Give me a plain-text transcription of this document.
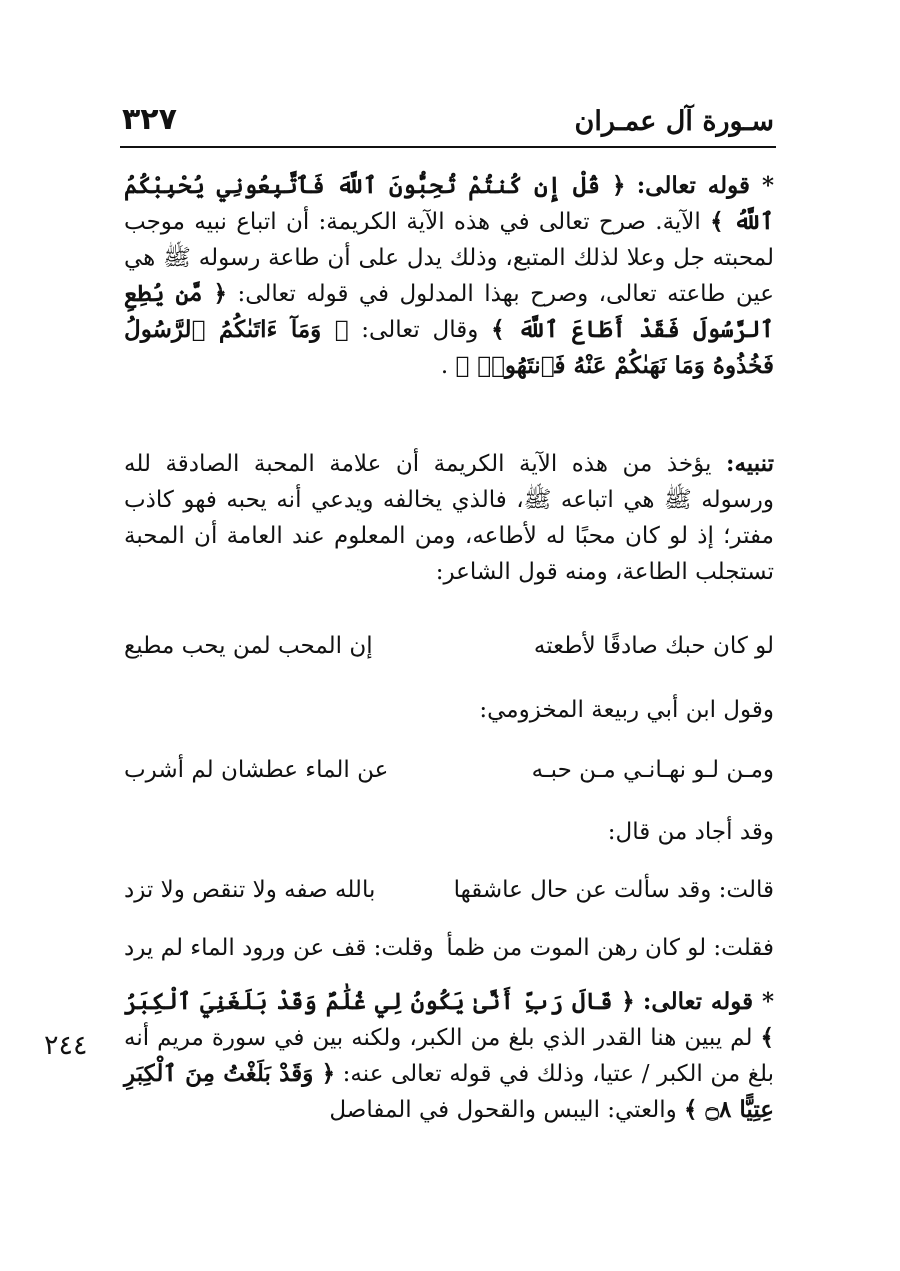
٣٢٧	سـورة آل عمـران
٢٤٤

* قوله تعالى: ﴿ قُلْ إِن كُنتُمْ تُحِبُّونَ ٱللَّهَ فَٱتَّبِعُونِي يُحْبِبْكُمُ ٱللَّهُ ﴾ الآية. صرح تعالى في هذه الآية الكريمة: أن اتباع نبيه موجب لمحبته جل وعلا لذلك المتبع، وذلك يدل على أن طاعة رسوله ﷺ هي عين طاعته تعالى، وصرح بهذا المدلول في قوله تعالى: ﴿ مَّن يُطِعِ ٱلرَّسُولَ فَقَدْ أَطَاعَ ٱللَّهَ ﴾ وقال تعالى: ﴿ وَمَآ ءَاتَىٰكُمُ ٱلرَّسُولُ فَخُذُوهُ وَمَا نَهَىٰكُمْ عَنْهُ فَٱنتَهُوا۟ ﴾ .

تنبيه: يؤخذ من هذه الآية الكريمة أن علامة المحبة الصادقة لله ورسوله ﷺ هي اتباعه ﷺ، فالذي يخالفه ويدعي أنه يحبه فهو كاذب مفتر؛ إذ لو كان محبًا له لأطاعه، ومن المعلوم عند العامة أن المحبة تستجلب الطاعة، ومنه قول الشاعر:

لو كان حبك صادقًا لأطعته
إن المحب لمن يحب مطيع
وقول ابن أبي ربيعة المخزومي:
ومـن لـو نهـانـي مـن حبـه
عن الماء عطشان لم أشرب
وقد أجاد من قال:
قالت: وقد سألت عن حال عاشقها
بالله صفه ولا تنقص ولا تزد
فقلت: لو كان رهن الموت من ظمأ
وقلت: قف عن ورود الماء لم يرد

* قوله تعالى: ﴿ قَالَ رَبِّ أَنَّىٰ يَكُونُ لِي غُلَٰمٌ وَقَدْ بَلَغَنِيَ ٱلْكِبَرُ ﴾ لم يبين هنا القدر الذي بلغ من الكبر، ولكنه بين في سورة مريم أنه بلغ من الكبر / عتيا، وذلك في قوله تعالى عنه: ﴿ وَقَدْ بَلَغْتُ مِنَ ٱلْكِبَرِ عِتِيًّا ۝٨ ﴾ والعتي: اليبس والقحول في المفاصل
